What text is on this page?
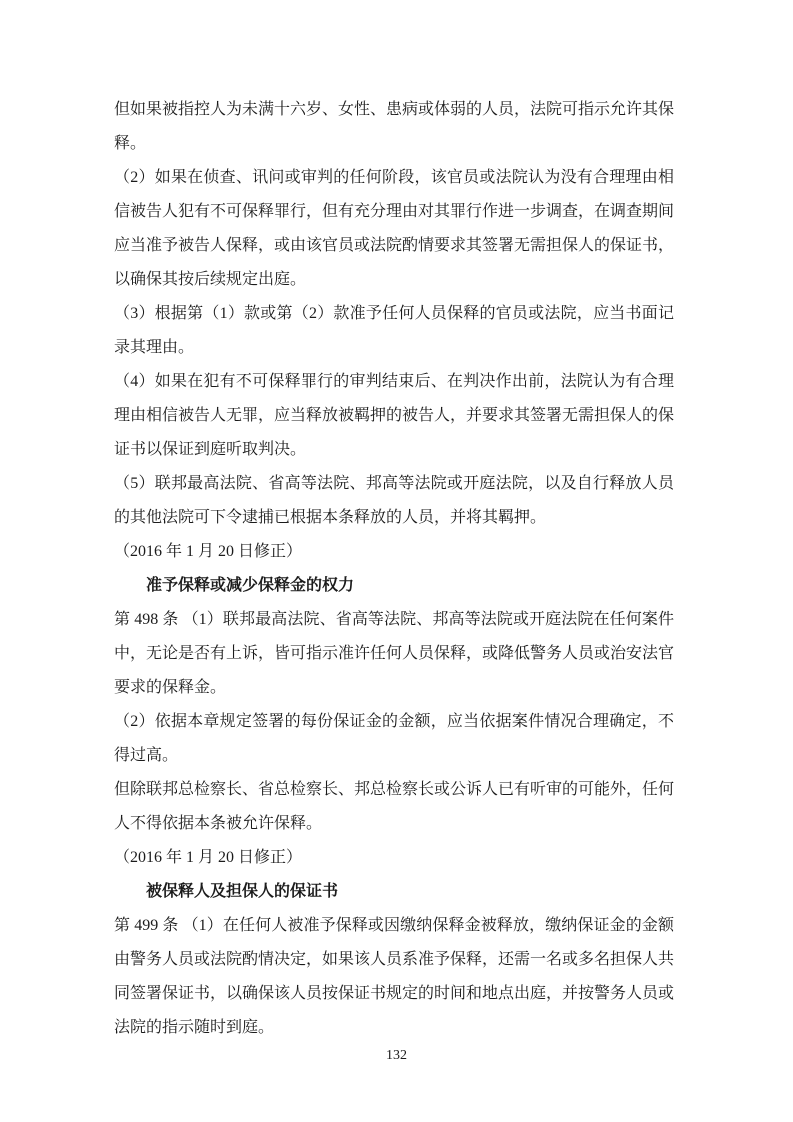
但如果被指控人为未满十六岁、女性、患病或体弱的人员，法院可指示允许其保
释。
（2）如果在侦查、讯问或审判的任何阶段，该官员或法院认为没有合理理由相
信被告人犯有不可保释罪行，但有充分理由对其罪行作进一步调查，在调查期间
应当准予被告人保释，或由该官员或法院酌情要求其签署无需担保人的保证书，
以确保其按后续规定出庭。
（3）根据第（1）款或第（2）款准予任何人员保释的官员或法院，应当书面记
录其理由。
（4）如果在犯有不可保释罪行的审判结束后、在判决作出前，法院认为有合理
理由相信被告人无罪，应当释放被羁押的被告人，并要求其签署无需担保人的保
证书以保证到庭听取判决。
（5）联邦最高法院、省高等法院、邦高等法院或开庭法院，以及自行释放人员
的其他法院可下令逮捕已根据本条释放的人员，并将其羁押。
（2016 年 1 月 20 日修正）
准予保释或减少保释金的权力
第 498 条 （1）联邦最高法院、省高等法院、邦高等法院或开庭法院在任何案件
中，无论是否有上诉，皆可指示准许任何人员保释，或降低警务人员或治安法官
要求的保释金。
（2）依据本章规定签署的每份保证金的金额，应当依据案件情况合理确定，不
得过高。
但除联邦总检察长、省总检察长、邦总检察长或公诉人已有听审的可能外，任何
人不得依据本条被允许保释。
（2016 年 1 月 20 日修正）
被保释人及担保人的保证书
第 499 条 （1）在任何人被准予保释或因缴纳保释金被释放，缴纳保证金的金额
由警务人员或法院酌情决定，如果该人员系准予保释，还需一名或多名担保人共
同签署保证书，以确保该人员按保证书规定的时间和地点出庭，并按警务人员或
法院的指示随时到庭。
132
